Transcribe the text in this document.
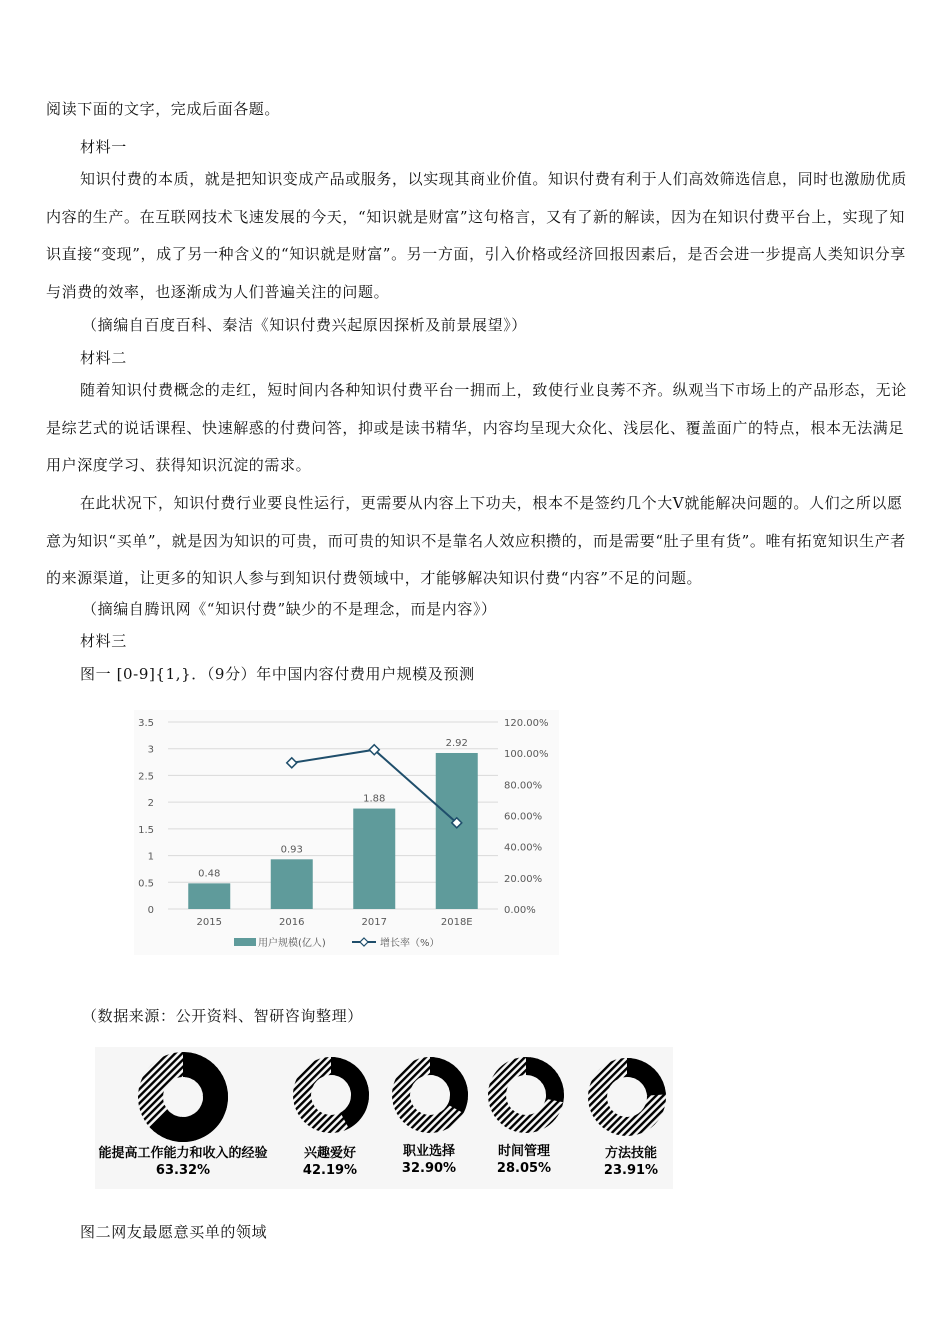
阅读下面的文字，完成后面各题。

材料一

知识付费的本质，就是把知识变成产品或服务，以实现其商业价值。知识付费有利于人们高效筛选信息，同时也激励优质内容的生产。在互联网技术飞速发展的今天，“知识就是财富”这句格言，又有了新的解读，因为在知识付费平台上，实现了知识直接“变现”，成了另一种含义的“知识就是财富”。另一方面，引入价格或经济回报因素后，是否会进一步提高人类知识分享与消费的效率，也逐渐成为人们普遍关注的问题。

（摘编自百度百科、秦洁《知识付费兴起原因探析及前景展望》）

材料二

随着知识付费概念的走红，短时间内各种知识付费平台一拥而上，致使行业良莠不齐。纵观当下市场上的产品形态，无论是综艺式的说话课程、快速解惑的付费问答，抑或是读书精华，内容均呈现大众化、浅层化、覆盖面广的特点，根本无法满足用户深度学习、获得知识沉淀的需求。

在此状况下，知识付费行业要良性运行，更需要从内容上下功夫，根本不是签约几个大V就能解决问题的。人们之所以愿意为知识“买单”，就是因为知识的可贵，而可贵的知识不是靠名人效应积攒的，而是需要“肚子里有货”。唯有拓宽知识生产者的来源渠道，让更多的知识人参与到知识付费领域中，才能够解决知识付费“内容”不足的问题。

（摘编自腾讯网《“知识付费”缺少的不是理念，而是内容》）

材料三

图一 [0-9]{1,}．（9分）年中国内容付费用户规模及预测

0
0.5
1
1.5
2
2.5
3
3.5
0.00%
20.00%
40.00%
60.00%
80.00%
100.00%
120.00%
0.48
2015
0.93
2016
1.88
2017
2.92
2018E
用户规模(亿人)	增长率（%）

（数据来源：公开资料、智研咨询整理）

能提高工作能力和收入的经验
63.32%
兴趣爱好
42.19%
职业选择
32.90%
时间管理
28.05%
方法技能
23.91%

图二网友最愿意买单的领域
